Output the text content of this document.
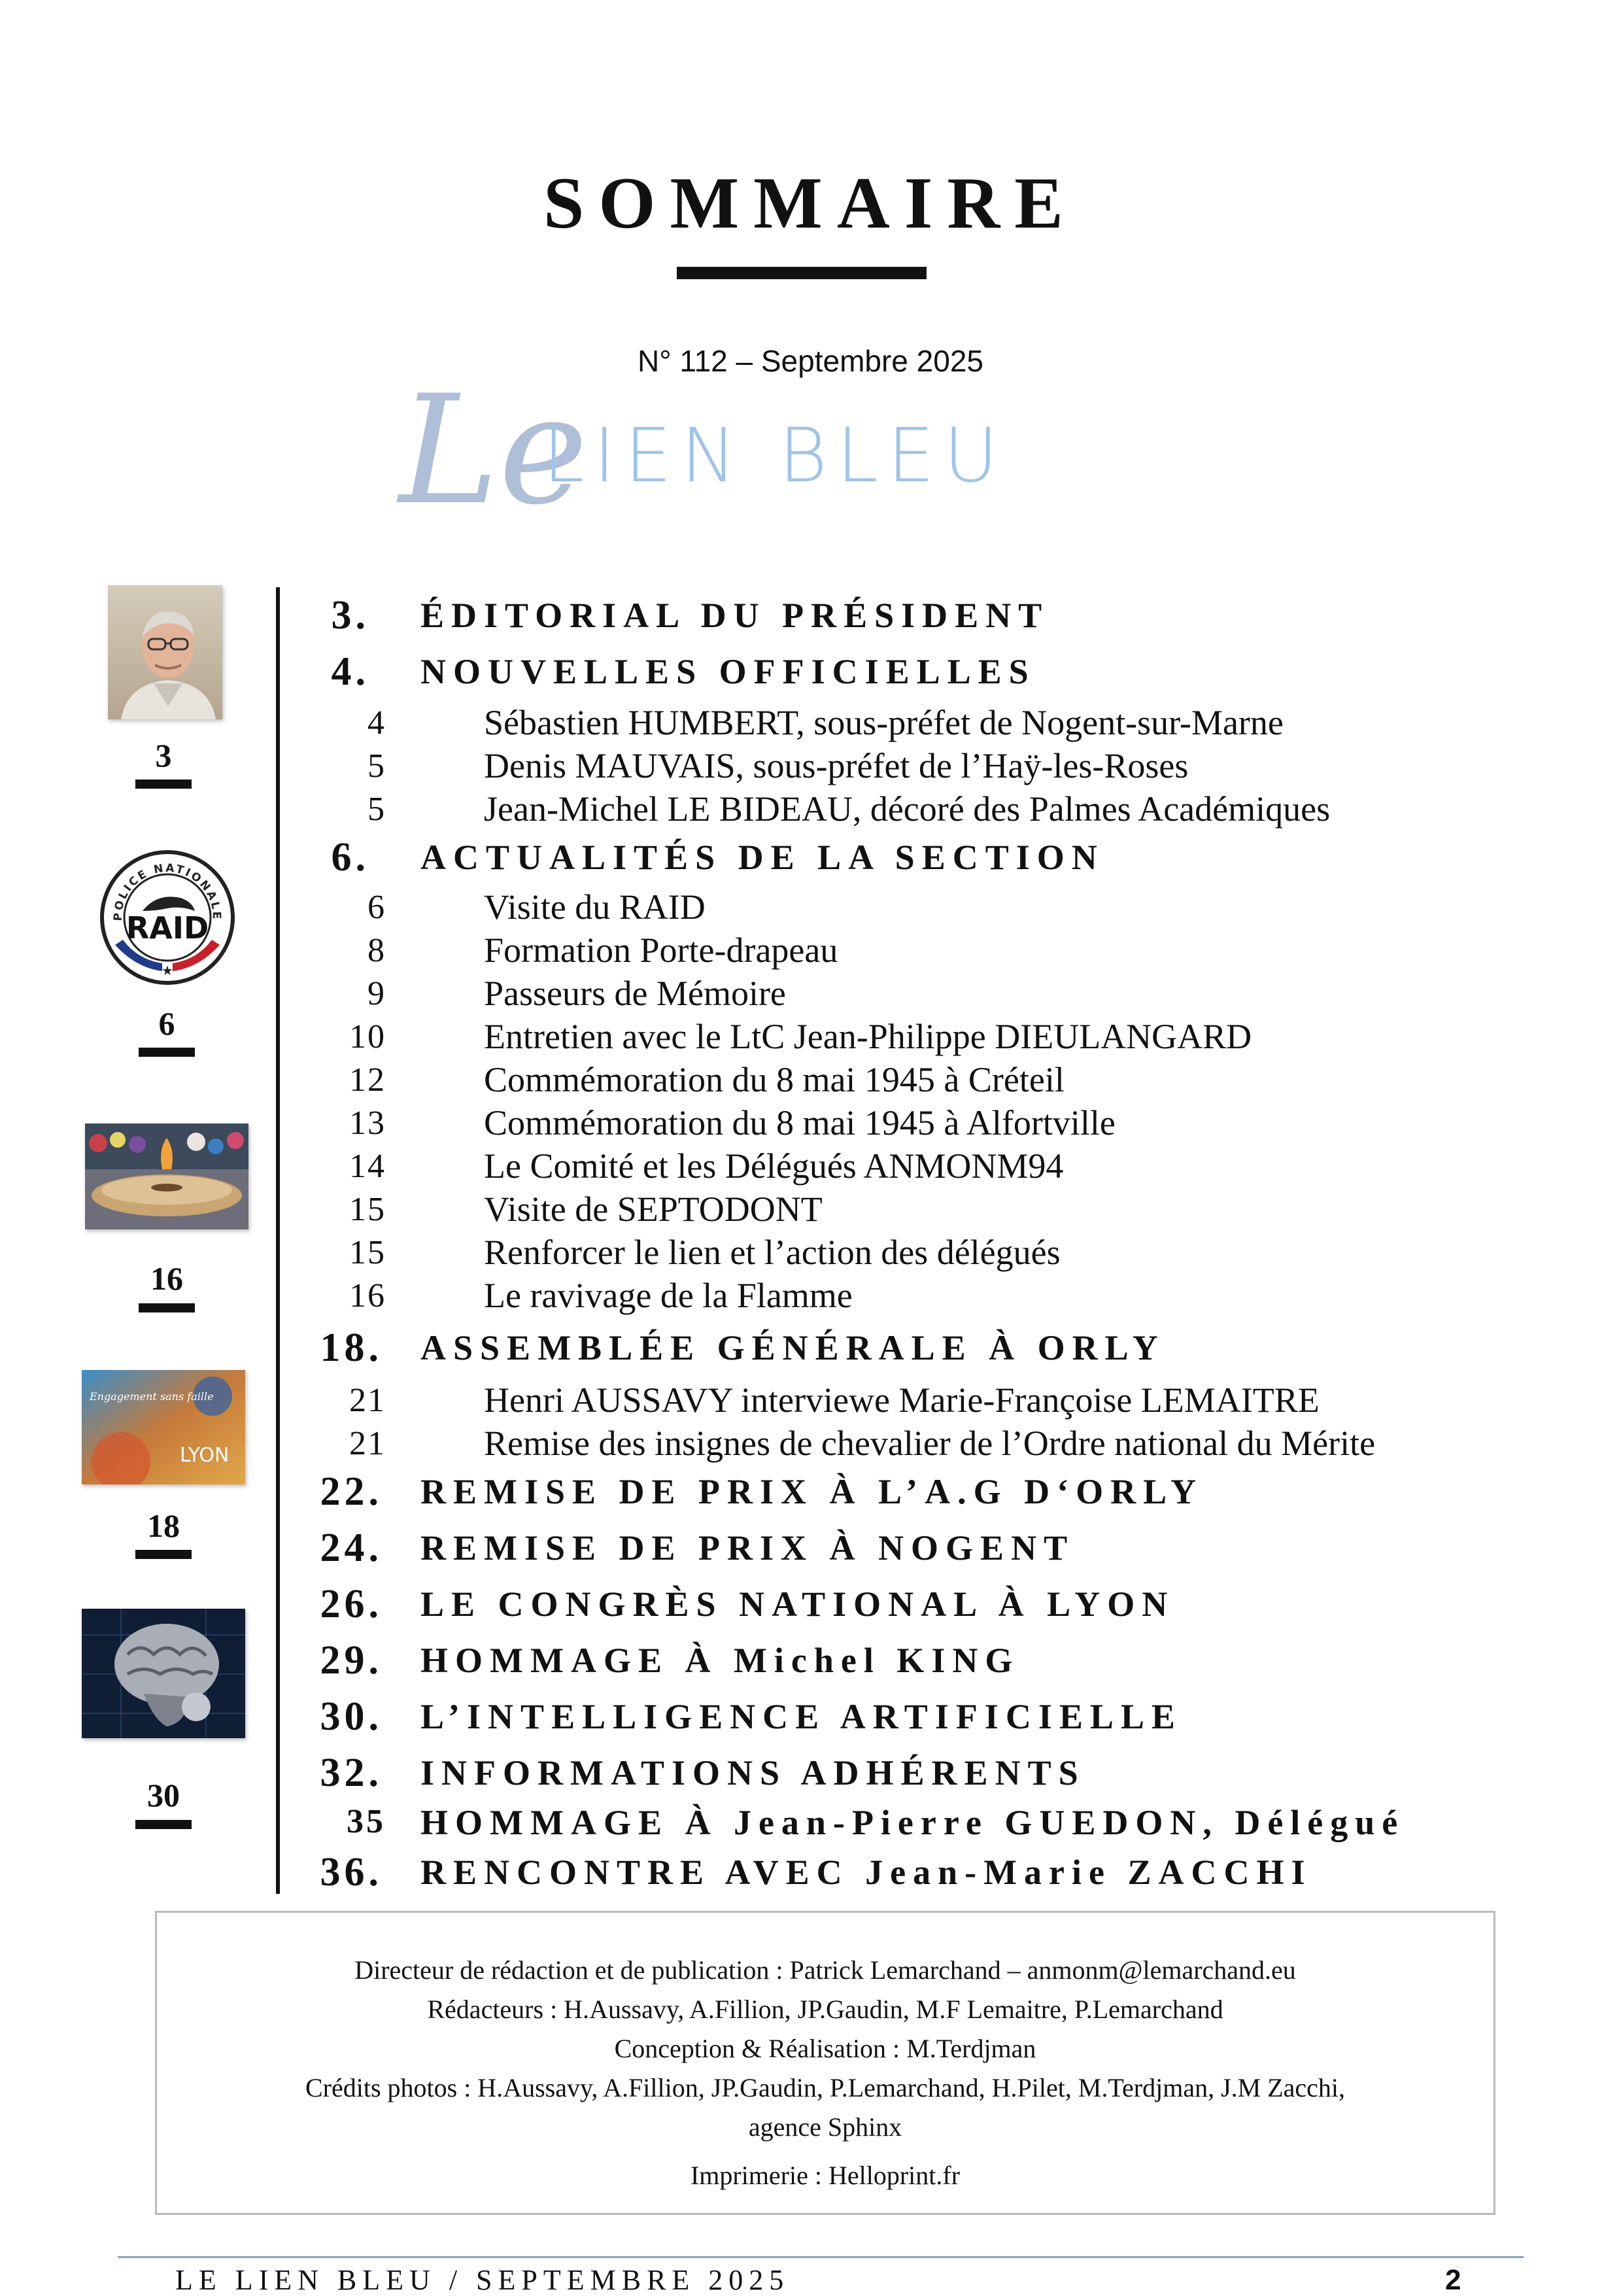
SOMMAIRE
N° 112 – Septembre 2025
Le
LIEN BLEU
3
POLICE NATIONALE
RAID
★
6
16
Engagement sans faille
LYON
18
30
3. ÉDITORIAL DU PRÉSIDENT
4. NOUVELLES OFFICIELLES
4	Sébastien HUMBERT, sous-préfet de Nogent-sur-Marne
5	Denis MAUVAIS, sous-préfet de l’Haÿ-les-Roses
5	Jean-Michel LE BIDEAU, décoré des Palmes Académiques
6. ACTUALITÉS DE LA SECTION
6	Visite du RAID
8	Formation Porte-drapeau
9	Passeurs de Mémoire
10	Entretien avec le LtC Jean-Philippe DIEULANGARD
12	Commémoration du 8 mai 1945 à Créteil
13	Commémoration du 8 mai 1945 à Alfortville
14	Le Comité et les Délégués ANMONM94
15	Visite de SEPTODONT
15	Renforcer le lien et l’action des délégués
16	Le ravivage de la Flamme
18. ASSEMBLÉE GÉNÉRALE À ORLY
21	Henri AUSSAVY interviewe Marie-Françoise LEMAITRE
21	Remise des insignes de chevalier de l’Ordre national du Mérite
22. REMISE DE PRIX À L’A.G D‘ORLY
24. REMISE DE PRIX À NOGENT
26. LE CONGRÈS NATIONAL À LYON
29. HOMMAGE À Michel KING
30. L’INTELLIGENCE ARTIFICIELLE
32. INFORMATIONS ADHÉRENTS
35 HOMMAGE À Jean-Pierre GUEDON, Délégué
36. RENCONTRE AVEC Jean-Marie ZACCHI
Directeur de rédaction et de publication : Patrick Lemarchand – anmonm@lemarchand.eu
Rédacteurs : H.Aussavy, A.Fillion, JP.Gaudin, M.F Lemaitre, P.Lemarchand
Conception & Réalisation : M.Terdjman
Crédits photos : H.Aussavy, A.Fillion, JP.Gaudin, P.Lemarchand, H.Pilet, M.Terdjman, J.M Zacchi,
agence Sphinx
Imprimerie : Helloprint.fr
LE LIEN BLEU / SEPTEMBRE 2025	2
